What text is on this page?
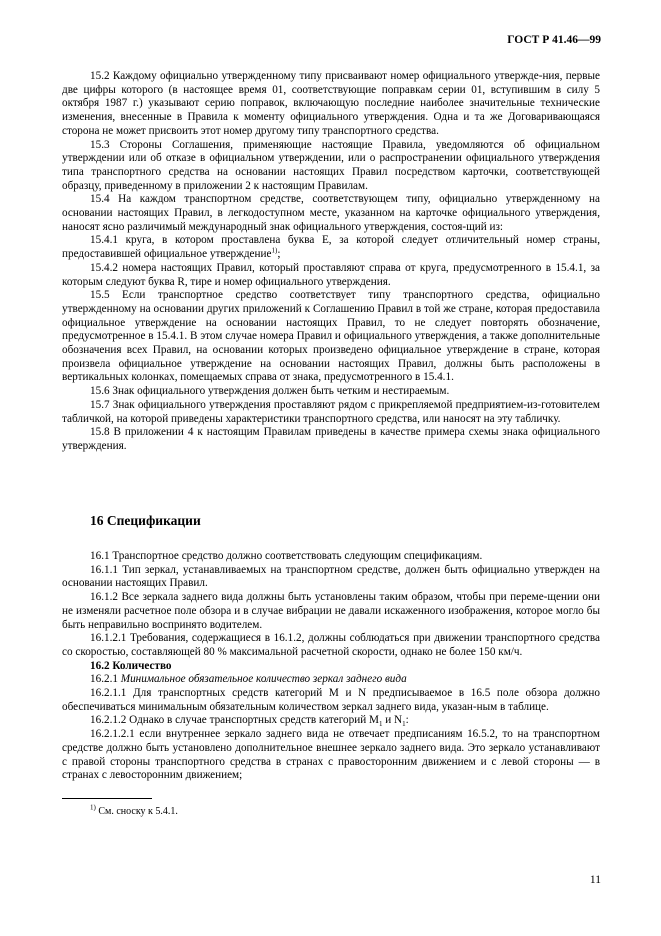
ГОСТ Р 41.46—99

15.2 Каждому официально утвержденному типу присваивают номер официального утвержде-ния, первые две цифры которого (в настоящее время 01, соответствующие поправкам серии 01, вступившим в силу 5 октября 1987 г.) указывают серию поправок, включающую последние наиболее значительные технические изменения, внесенные в Правила к моменту официального утверждения. Одна и та же Договаривающаяся сторона не может присвоить этот номер другому типу транспортного средства.

15.3 Стороны Соглашения, применяющие настоящие Правила, уведомляются об официальном утверждении или об отказе в официальном утверждении, или о распространении официального утверждения типа транспортного средства на основании настоящих Правил посредством карточки, соответствующей образцу, приведенному в приложении 2 к настоящим Правилам.

15.4 На каждом транспортном средстве, соответствующем типу, официально утвержденному на основании настоящих Правил, в легкодоступном месте, указанном на карточке официального утверждения, наносят ясно различимый международный знак официального утверждения, состоя-щий из:

15.4.1 круга, в котором проставлена буква Е, за которой следует отличительный номер страны, предоставившей официальное утверждение$^{1)}$;

15.4.2 номера настоящих Правил, который проставляют справа от круга, предусмотренного в 15.4.1, за которым следуют буква R, тире и номер официального утверждения.

15.5 Если транспортное средство соответствует типу транспортного средства, официально утвержденному на основании других приложений к Соглашению Правил в той же стране, которая предоставила официальное утверждение на основании настоящих Правил, то не следует повторять обозначение, предусмотренное в 15.4.1. В этом случае номера Правил и официального утверждения, а также дополнительные обозначения всех Правил, на основании которых произведено официальное утверждение в стране, которая произвела официальное утверждение на основании настоящих Правил, должны быть расположены в вертикальных колонках, помещаемых справа от знака, предусмотренного в 15.4.1.

15.6 Знак официального утверждения должен быть четким и нестираемым.

15.7 Знак официального утверждения проставляют рядом с прикрепляемой предприятием-из-готовителем табличкой, на которой приведены характеристики транспортного средства, или наносят на эту табличку.

15.8 В приложении 4 к настоящим Правилам приведены в качестве примера схемы знака официального утверждения.

16 Спецификации

16.1 Транспортное средство должно соответствовать следующим спецификациям.

16.1.1 Тип зеркал, устанавливаемых на транспортном средстве, должен быть официально утвержден на основании настоящих Правил.

16.1.2 Все зеркала заднего вида должны быть установлены таким образом, чтобы при переме-щении они не изменяли расчетное поле обзора и в случае вибрации не давали искаженного изображения, которое могло бы быть неправильно воспринято водителем.

16.1.2.1 Требования, содержащиеся в 16.1.2, должны соблюдаться при движении транспортного средства со скоростью, составляющей 80 % максимальной расчетной скорости, однако не более 150 км/ч.

16.2 Количество

16.2.1 Минимальное обязательное количество зеркал заднего вида

16.2.1.1 Для транспортных средств категорий М и N предписываемое в 16.5 поле обзора должно обеспечиваться минимальным обязательным количеством зеркал заднего вида, указан-ным в таблице.

16.2.1.2 Однако в случае транспортных средств категорий $М_1$ и $N_1$:

16.2.1.2.1 если внутреннее зеркало заднего вида не отвечает предписаниям 16.5.2, то на транспортном средстве должно быть установлено дополнительное внешнее зеркало заднего вида. Это зеркало устанавливают с правой стороны транспортного средства в странах с правосторонним движением и с левой стороны — в странах с левосторонним движением;

$^{1)}$ См. сноску к 5.4.1.
11
